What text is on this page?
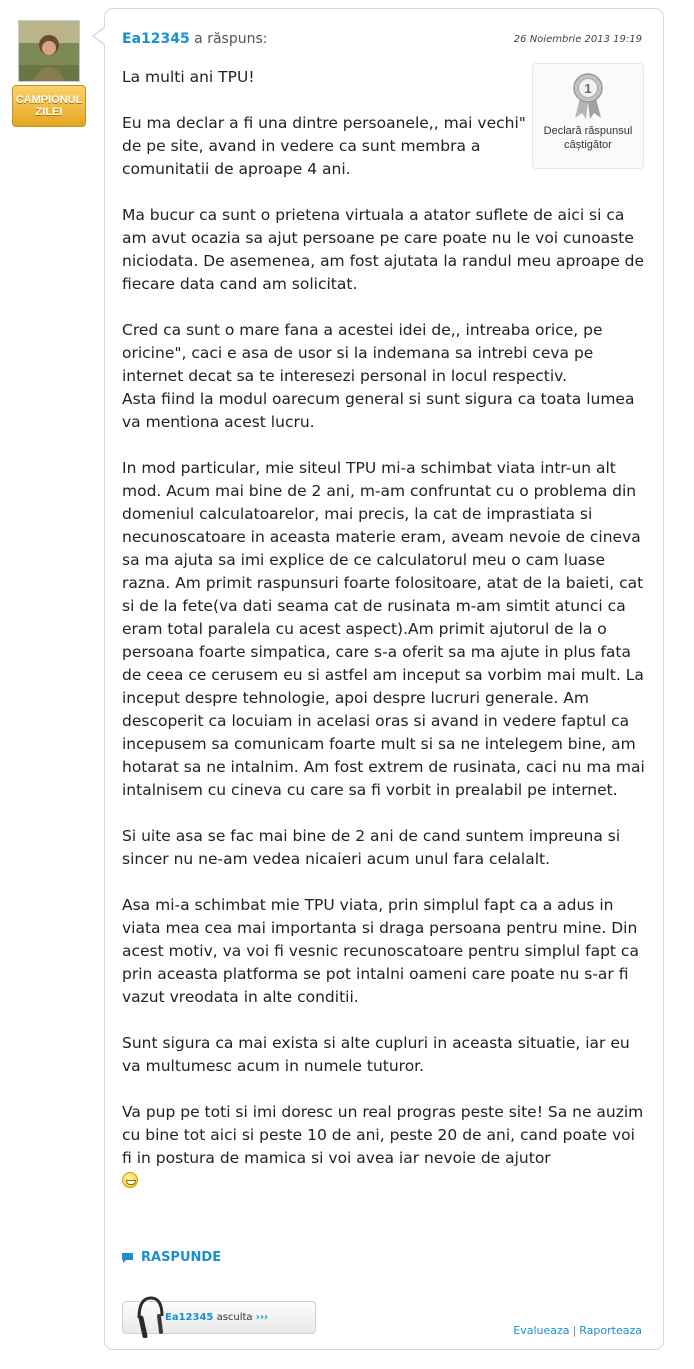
CAMPIONUL
ZILEI
Ea12345 a răspuns:	26 Noiembrie 2013 19:19
1
Declară răspunsul
câștigător

La multi ani TPU!

Eu ma declar a fi una dintre persoanele,, mai vechi" de pe site, avand in vedere ca sunt membra a comunitatii de aproape 4 ani.

Ma bucur ca sunt o prietena virtuala a atator suflete de aici si ca am avut ocazia sa ajut persoane pe care poate nu le voi cunoaste niciodata. De asemenea, am fost ajutata la randul meu aproape de fiecare data cand am solicitat.

Cred ca sunt o mare fana a acestei idei de,, intreaba orice, pe oricine", caci e asa de usor si la indemana sa intrebi ceva pe internet decat sa te interesezi personal in locul respectiv.

Asta fiind la modul oarecum general si sunt sigura ca toata lumea va mentiona acest lucru.

In mod particular, mie siteul TPU mi-a schimbat viata intr-un alt mod. Acum mai bine de 2 ani, m-am confruntat cu o problema din domeniul calculatoarelor, mai precis, la cat de imprastiata si necunoscatoare in aceasta materie eram, aveam nevoie de cineva sa ma ajuta sa imi explice de ce calculatorul meu o cam luase razna. Am primit raspunsuri foarte folositoare, atat de la baieti, cat si de la fete(va dati seama cat de rusinata m-am simtit atunci ca eram total paralela cu acest aspect).Am primit ajutorul de la o persoana foarte simpatica, care s-a oferit sa ma ajute in plus fata de ceea ce cerusem eu si astfel am inceput sa vorbim mai mult. La inceput despre tehnologie, apoi despre lucruri generale. Am descoperit ca locuiam in acelasi oras si avand in vedere faptul ca incepusem sa comunicam foarte mult si sa ne intelegem bine, am hotarat sa ne intalnim. Am fost extrem de rusinata, caci nu ma mai intalnisem cu cineva cu care sa fi vorbit in prealabil pe internet.

Si uite asa se fac mai bine de 2 ani de cand suntem impreuna si sincer nu ne-am vedea nicaieri acum unul fara celalalt.

Asa mi-a schimbat mie TPU viata, prin simplul fapt ca a adus in viata mea cea mai importanta si draga persoana pentru mine. Din acest motiv, va voi fi vesnic recunoscatoare pentru simplul fapt ca prin aceasta platforma se pot intalni oameni care poate nu s-ar fi vazut vreodata in alte conditii.

Sunt sigura ca mai exista si alte cupluri in aceasta situatie, iar eu va multumesc acum in numele tuturor.

Va pup pe toti si imi doresc un real progras peste site! Sa ne auzim cu bine tot aici si peste 10 de ani, peste 20 de ani, cand poate voi fi in postura de mamica si voi avea iar nevoie de ajutor

RASPUNDE
Ea12345 asculta ›››
Evalueaza | Raporteaza
